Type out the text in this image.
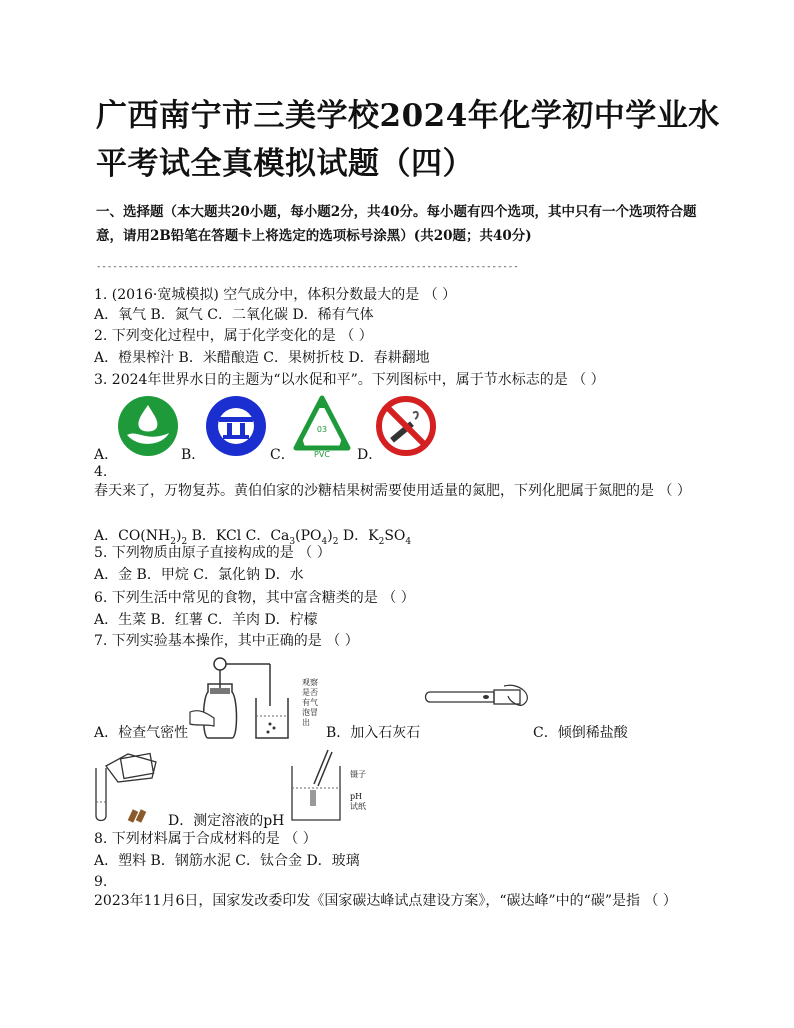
广西南宁市三美学校2024年化学初中学业水平考试全真模拟试题（四）
一、选择题（本大题共20小题，每小题2分，共40分。每小题有四个选项，其中只有一个选项符合题意，请用2B铅笔在答题卡上将选定的选项标号涂黑）(共20题；共40分)
------------------------------------------------------------------------------
1. (2016·宽城模拟) 空气成分中，体积分数最大的是 （ ）
A．氧气 B．氮气 C．二氧化碳 D．稀有气体
2. 下列变化过程中，属于化学变化的是 （ ）
A．橙果榨汁 B．米醋酿造 C．果树折枝 D．春耕翻地
3. 2024年世界水日的主题为“以水促和平”。下列图标中，属于节水标志的是 （ ）
A．	B．
03
PVC
C．	D．
4.
春天来了，万物复苏。黄伯伯家的沙糖桔果树需要使用适量的氮肥，下列化肥属于氮肥的是 （ ）
A．$CO(NH_2)_2$ B．KCl C．$Ca_3(PO_4)_2$ D．$K_2SO_4$
5. 下列物质由原子直接构成的是 （ ）
A．金 B．甲烷 C．氯化钠 D．水
6. 下列生活中常见的食物，其中富含糖类的是 （ ）
A．生菜 B．红薯 C．羊肉 D．柠檬
7. 下列实验基本操作，其中正确的是 （ ）
观察
是否
有气
泡冒
出
A．检查气密性	B．加入石灰石	C．倾倒稀盐酸
D．测定溶液的pH
镊子
pH
试纸
8. 下列材料属于合成材料的是 （ ）
A．塑料 B．钢筋水泥 C．钛合金 D．玻璃
9.
2023年11月6日，国家发改委印发《国家碳达峰试点建设方案》，“碳达峰”中的“碳”是指 （ ）
